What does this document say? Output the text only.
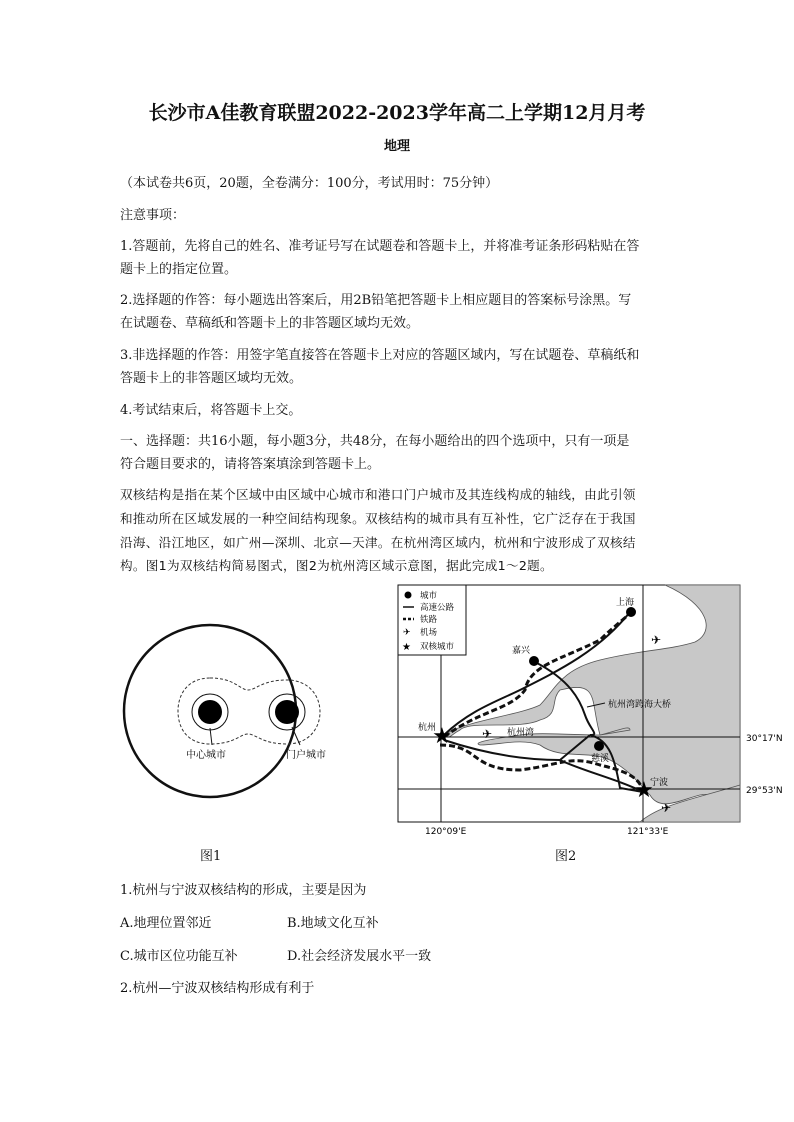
长沙市A佳教育联盟2022-2023学年高二上学期12月月考
地理
（本试卷共6页，20题，全卷满分：100分，考试用时：75分钟）
注意事项：
1.答题前，先将自己的姓名、准考证号写在试题卷和答题卡上，并将准考证条形码粘贴在答
题卡上的指定位置。
2.选择题的作答：每小题选出答案后，用2B铅笔把答题卡上相应题目的答案标号涂黑。写
在试题卷、草稿纸和答题卡上的非答题区域均无效。
3.非选择题的作答：用签字笔直接答在答题卡上对应的答题区域内，写在试题卷、草稿纸和
答题卡上的非答题区域均无效。
4.考试结束后，将答题卡上交。
一、选择题：共16小题，每小题3分，共48分，在每小题给出的四个选项中，只有一项是
符合题目要求的，请将答案填涂到答题卡上。
双核结构是指在某个区域中由区域中心城市和港口门户城市及其连线构成的轴线，由此引领
和推动所在区域发展的一种空间结构现象。双核结构的城市具有互补性，它广泛存在于我国
沿海、沿江地区，如广州—深圳、北京—天津。在杭州湾区域内，杭州和宁波形成了双核结
构。图1为双核结构简易图式，图2为杭州湾区域示意图，据此完成1～2题。
中心城市	门户城市
★
★
上海
嘉兴
杭州
慈溪
宁波
杭州湾
杭州湾跨海大桥
✈
✈
✈
✈
★
城市
高速公路
铁路
机场
双核城市
120°09'E	121°33'E
30°17'N
29°53'N
图1	图2
1.杭州与宁波双核结构的形成，主要是因为
A.地理位置邻近	B.地域文化互补
C.城市区位功能互补	D.社会经济发展水平一致
2.杭州—宁波双核结构形成有利于
